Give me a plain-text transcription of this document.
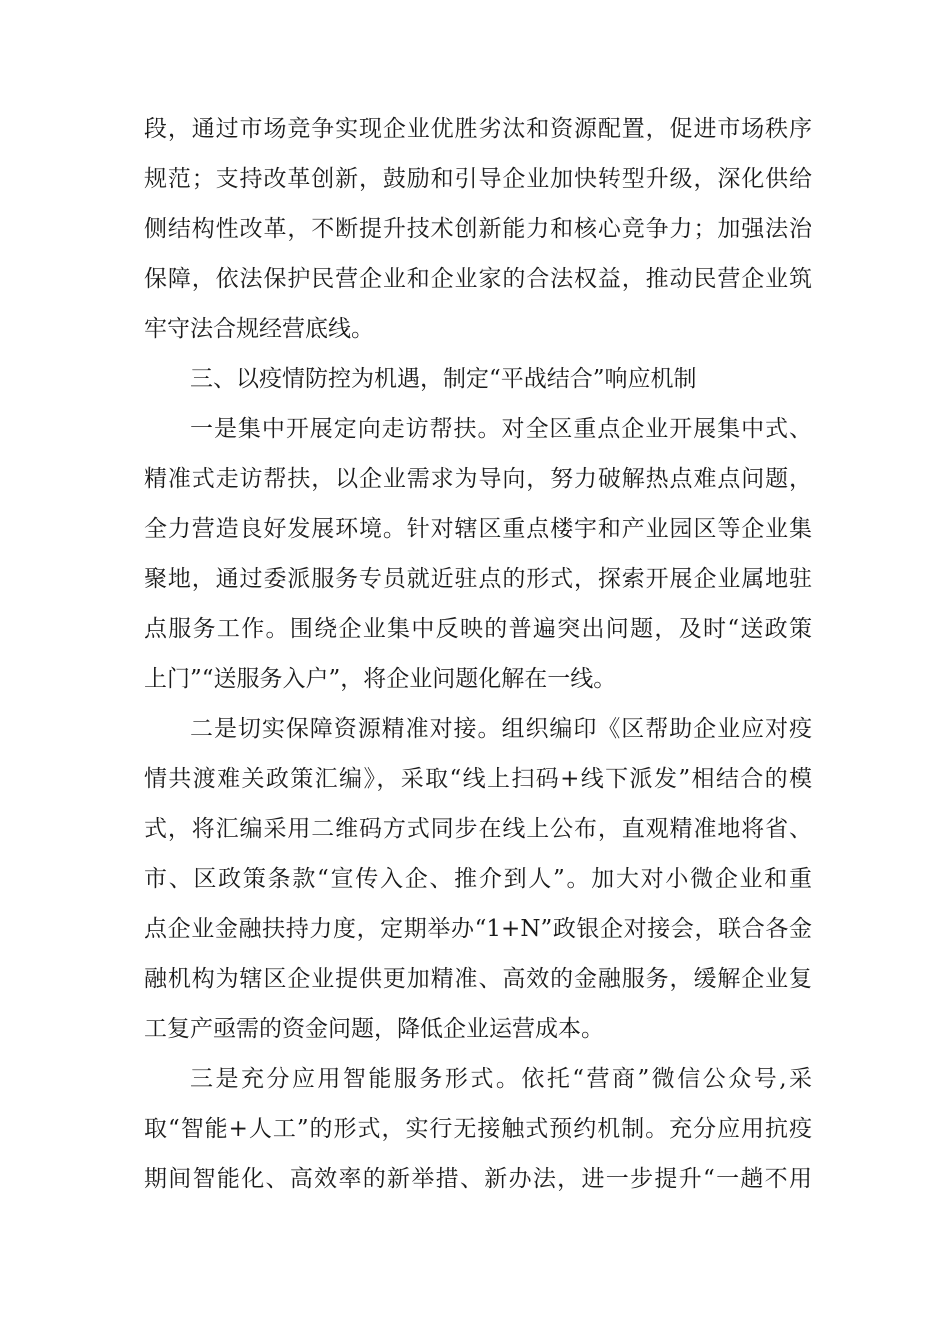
段，通过市场竞争实现企业优胜劣汰和资源配置，促进市场秩序
规范；支持改革创新，鼓励和引导企业加快转型升级，深化供给
侧结构性改革，不断提升技术创新能力和核心竞争力；加强法治
保障，依法保护民营企业和企业家的合法权益，推动民营企业筑
牢守法合规经营底线。
三、以疫情防控为机遇，制定“平战结合”响应机制
一是集中开展定向走访帮扶。对全区重点企业开展集中式、
精准式走访帮扶，以企业需求为导向，努力破解热点难点问题，
全力营造良好发展环境。针对辖区重点楼宇和产业园区等企业集
聚地，通过委派服务专员就近驻点的形式，探索开展企业属地驻
点服务工作。围绕企业集中反映的普遍突出问题，及时“送政策
上门”“送服务入户”，将企业问题化解在一线。
二是切实保障资源精准对接。组织编印《区帮助企业应对疫
情共渡难关政策汇编》，采取“线上扫码+线下派发”相结合的模
式，将汇编采用二维码方式同步在线上公布，直观精准地将省、
市、区政策条款“宣传入企、推介到人”。加大对小微企业和重
点企业金融扶持力度，定期举办“1+N”政银企对接会，联合各金
融机构为辖区企业提供更加精准、高效的金融服务，缓解企业复
工复产亟需的资金问题，降低企业运营成本。
三是充分应用智能服务形式。依托“营商”微信公众号,采
取“智能+人工”的形式，实行无接触式预约机制。充分应用抗疫
期间智能化、高效率的新举措、新办法，进一步提升“一趟不用
